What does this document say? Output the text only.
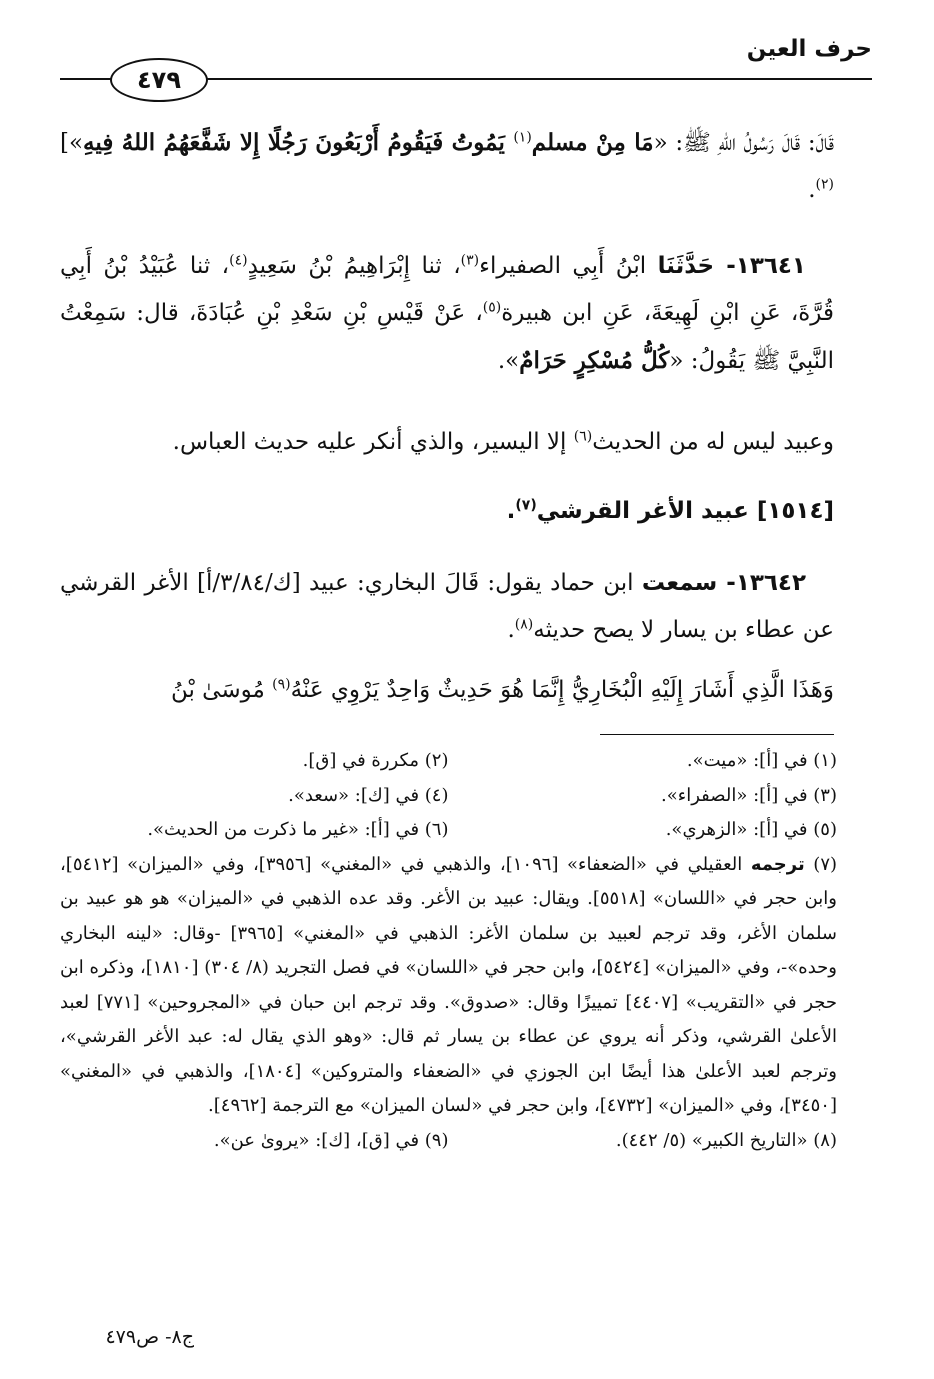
حرف العين
٤٧٩

قَالَ: قَالَ رَسُولُ اللهِ ﷺ: «مَا مِنْ مسلم$^{(١)}$ يَمُوتُ فَيَقُومُ أَرْبَعُونَ رَجُلًا إِلا شَفَّعَهُمُ اللهُ فِيهِ»]$^{(٢)}$.

١٣٦٤١- حَدَّثَنَا ابْنُ أَبِي الصفيراء$^{(٣)}$، ثنا إِبْرَاهِيمُ بْنُ سَعِيدٍ$^{(٤)}$، ثنا عُبَيْدُ بْنُ أَبِي قُرَّةَ، عَنِ ابْنِ لَهِيعَةَ، عَنِ ابن هبيرة$^{(٥)}$، عَنْ قَيْسِ بْنِ سَعْدِ بْنِ عُبَادَةَ، قال: سَمِعْتُ النَّبِيَّ ﷺ يَقُولُ: «كُلُّ مُسْكِرٍ حَرَامٌ».

وعبيد ليس له من الحديث$^{(٦)}$ إلا اليسير، والذي أنكر عليه حديث العباس.

[١٥١٤] عبيد الأغر القرشي$^{(٧)}$.

١٣٦٤٢- سمعت ابن حماد يقول: قَالَ البخاري: عبيد [ك/٣/٨٤/أ] الأغر القرشي عن عطاء بن يسار لا يصح حديثه$^{(٨)}$.

وَهَذَا الَّذِي أَشَارَ إِلَيْهِ الْبُخَارِيُّ إِنَّمَا هُوَ حَدِيثٌ وَاحِدٌ يَرْوِي عَنْهُ$^{(٩)}$ مُوسَىٰ بْنُ

(١) في [أ]: «ميت».
(٢) مكررة في [ق].
(٣) في [أ]: «الصفراء».
(٤) في [ك]: «سعد».
(٥) في [أ]: «الزهري».
(٦) في [أ]: «غير ما ذكرت من الحديث».

(٧) ترجمه العقيلي في «الضعفاء» [١٠٩٦]، والذهبي في «المغني» [٣٩٥٦]، وفي «الميزان» [٥٤١٢]، وابن حجر في «اللسان» [٥٥١٨]. ويقال: عبيد بن الأغر. وقد عده الذهبي في «الميزان» هو هو عبيد بن سلمان الأغر، وقد ترجم لعبيد بن سلمان الأغر: الذهبي في «المغني» [٣٩٦٥] -وقال: «لينه البخاري وحده»-، وفي «الميزان» [٥٤٢٤]، وابن حجر في «اللسان» في فصل التجريد (٨/ ٣٠٤) [١٨١٠]، وذكره ابن حجر في «التقريب» [٤٤٠٧] تمييزًا وقال: «صدوق». وقد ترجم ابن حبان في «المجروحين» [٧٧١] لعبد الأعلىٰ القرشي، وذكر أنه يروي عن عطاء بن يسار ثم قال: «وهو الذي يقال له: عبد الأغر القرشي»، وترجم لعبد الأعلىٰ هذا أيضًا ابن الجوزي في «الضعفاء والمتروكين» [١٨٠٤]، والذهبي في «المغني» [٣٤٥٠]، وفي «الميزان» [٤٧٣٢]، وابن حجر في «لسان الميزان» مع الترجمة [٤٩٦٢].

(٨) «التاريخ الكبير» (٥/ ٤٤٢).
(٩) في [ق]، [ك]: «يروىٰ عن».
ج٨- ص٤٧٩
